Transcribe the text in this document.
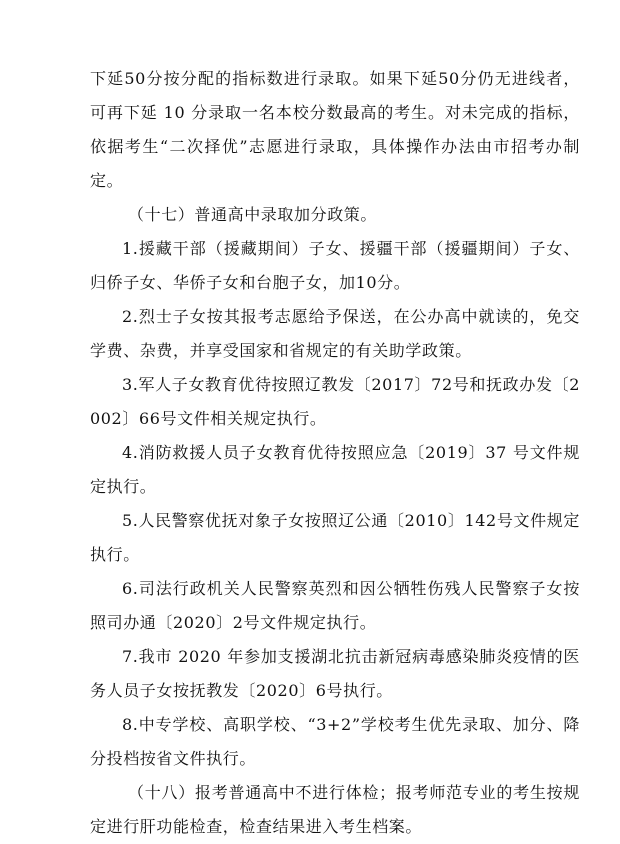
下延50分按分配的指标数进行录取。如果下延50分仍无进线者，可再下延 10 分录取一名本校分数最高的考生。对未完成的指标，依据考生“二次择优”志愿进行录取，具体操作办法由市招考办制定。

（十七）普通高中录取加分政策。

1.援藏干部（援藏期间）子女、援疆干部（援疆期间）子女、归侨子女、华侨子女和台胞子女，加10分。

2.烈士子女按其报考志愿给予保送，在公办高中就读的，免交学费、杂费，并享受国家和省规定的有关助学政策。

3.军人子女教育优待按照辽教发〔2017〕72号和抚政办发〔2002〕66号文件相关规定执行。

4.消防救援人员子女教育优待按照应急〔2019〕37 号文件规定执行。

5.人民警察优抚对象子女按照辽公通〔2010〕142号文件规定执行。

6.司法行政机关人民警察英烈和因公牺牲伤残人民警察子女按照司办通〔2020〕2号文件规定执行。

7.我市 2020 年参加支援湖北抗击新冠病毒感染肺炎疫情的医务人员子女按抚教发〔2020〕6号执行。

8.中专学校、高职学校、“3+2”学校考生优先录取、加分、降分投档按省文件执行。

（十八）报考普通高中不进行体检；报考师范专业的考生按规定进行肝功能检查，检查结果进入考生档案。
